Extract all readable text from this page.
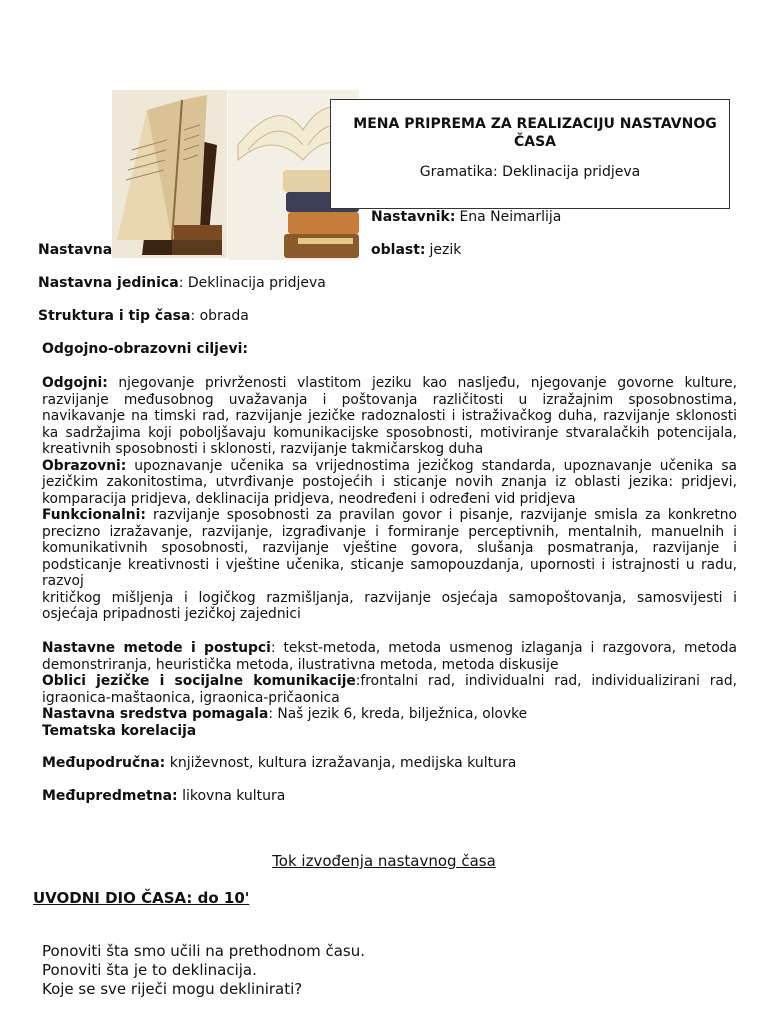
MENA PRIPREMA ZA REALIZACIJU NASTAVNOG ČASA
Gramatika: Deklinacija pridjeva
Nastavnik: Ena Neimarlija
Nastavna	oblast: jezik
Nastavna jedinica: Deklinacija pridjeva
Struktura i tip časa: obrada
Odgojno-obrazovni ciljevi:
Odgojni: njegovanje privrženosti vlastitom jeziku kao nasljeđu, njegovanje govorne kulture, razvijanje međusobnog uvažavanja i poštovanja različitosti u izražajnim sposobnostima, navikavanje na timski rad, razvijanje jezičke radoznalosti i istraživačkog duha, razvijanje sklonosti ka sadržajima koji poboljšavaju komunikacijske sposobnosti, motiviranje stvaralačkih potencijala, kreativnih sposobnosti i sklonosti, razvijanje takmičarskog duha
Obrazovni: upoznavanje učenika sa vrijednostima jezičkog standarda, upoznavanje učenika sa jezičkim zakonitostima, utvrđivanje postojećih i sticanje novih znanja iz oblasti jezika: pridjevi, komparacija pridjeva, deklinacija pridjeva, neodređeni i određeni vid pridjeva
Funkcionalni: razvijanje sposobnosti za pravilan govor i pisanje, razvijanje smisla za konkretno precizno izražavanje, razvijanje, izgrađivanje i formiranje perceptivnih, mentalnih, manuelnih i komunikativnih sposobnosti, razvijanje vještine govora, slušanja posmatranja, razvijanje i podsticanje kreativnosti i vještine učenika, sticanje samopouzdanja, upornosti i istrajnosti u radu, razvoj
kritičkog mišljenja i logičkog razmišljanja, razvijanje osjećaja samopoštovanja, samosvijesti i osjećaja pripadnosti jezičkoj zajednici
Nastavne metode i postupci: tekst-metoda, metoda usmenog izlaganja i razgovora, metoda demonstriranja, heuristička metoda, ilustrativna metoda, metoda diskusije
Oblici jezičke i socijalne komunikacije:frontalni rad, individualni rad, individualizirani rad, igraonica-maštaonica, igraonica-pričaonica
Nastavna sredstva pomagala: Naš jezik 6, kreda, bilježnica, olovke
Tematska korelacija
Međupodručna: književnost, kultura izražavanja, medijska kultura
Međupredmetna: likovna kultura
Tok izvođenja nastavnog časa
UVODNI DIO ČASA: do 10'
Ponoviti šta smo učili na prethodnom času.
Ponoviti šta je to deklinacija.
Koje se sve riječi mogu deklinirati?
